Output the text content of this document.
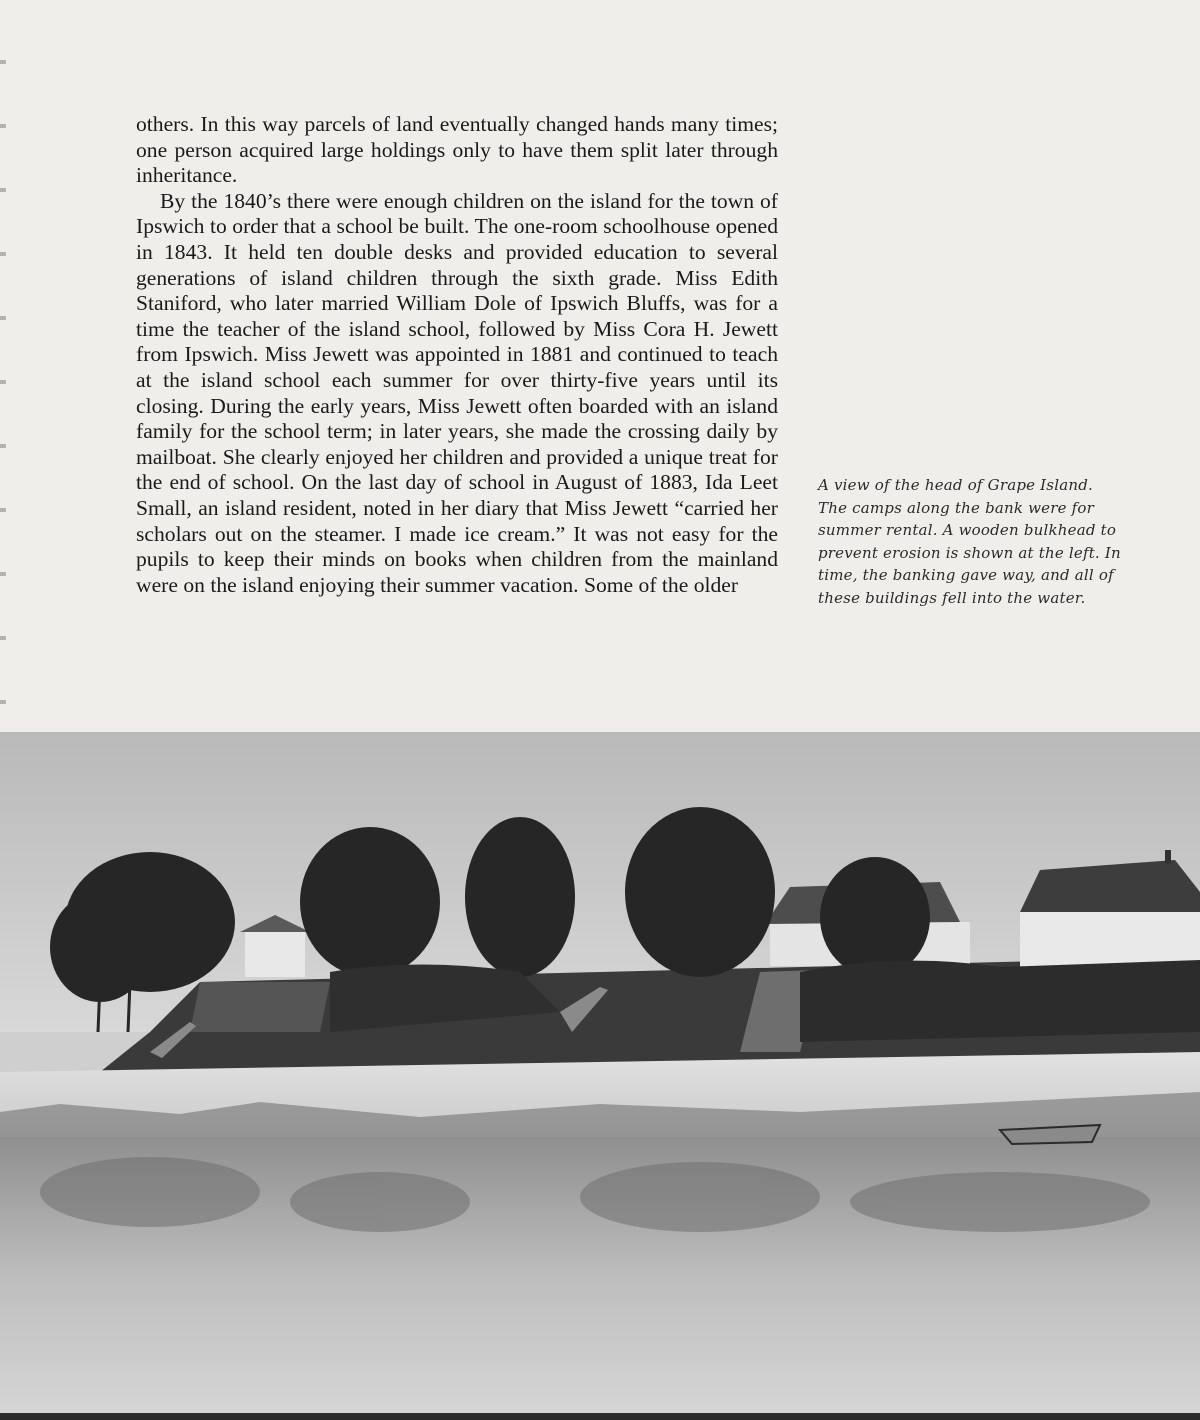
others. In this way parcels of land eventually changed hands many times; one person acquired large holdings only to have them split later through inheritance.

By the 1840’s there were enough children on the island for the town of Ipswich to order that a school be built. The one-room schoolhouse opened in 1843. It held ten double desks and provided education to several generations of island children through the sixth grade. Miss Edith Staniford, who later married William Dole of Ipswich Bluffs, was for a time the teacher of the island school, followed by Miss Cora H. Jewett from Ipswich. Miss Jewett was appointed in 1881 and continued to teach at the island school each summer for over thirty-five years until its closing. During the early years, Miss Jewett often boarded with an island family for the school term; in later years, she made the crossing daily by mailboat. She clearly enjoyed her children and provided a unique treat for the end of school. On the last day of school in August of 1883, Ida Leet Small, an island resident, noted in her diary that Miss Jewett “carried her scholars out on the steamer. I made ice cream.” It was not easy for the pupils to keep their minds on books when children from the mainland were on the island enjoying their summer vacation. Some of the older

A view of the head of Grape Island. The camps along the bank were for summer rental. A wooden bulkhead to prevent erosion is shown at the left. In time, the banking gave way, and all of these buildings fell into the water.
